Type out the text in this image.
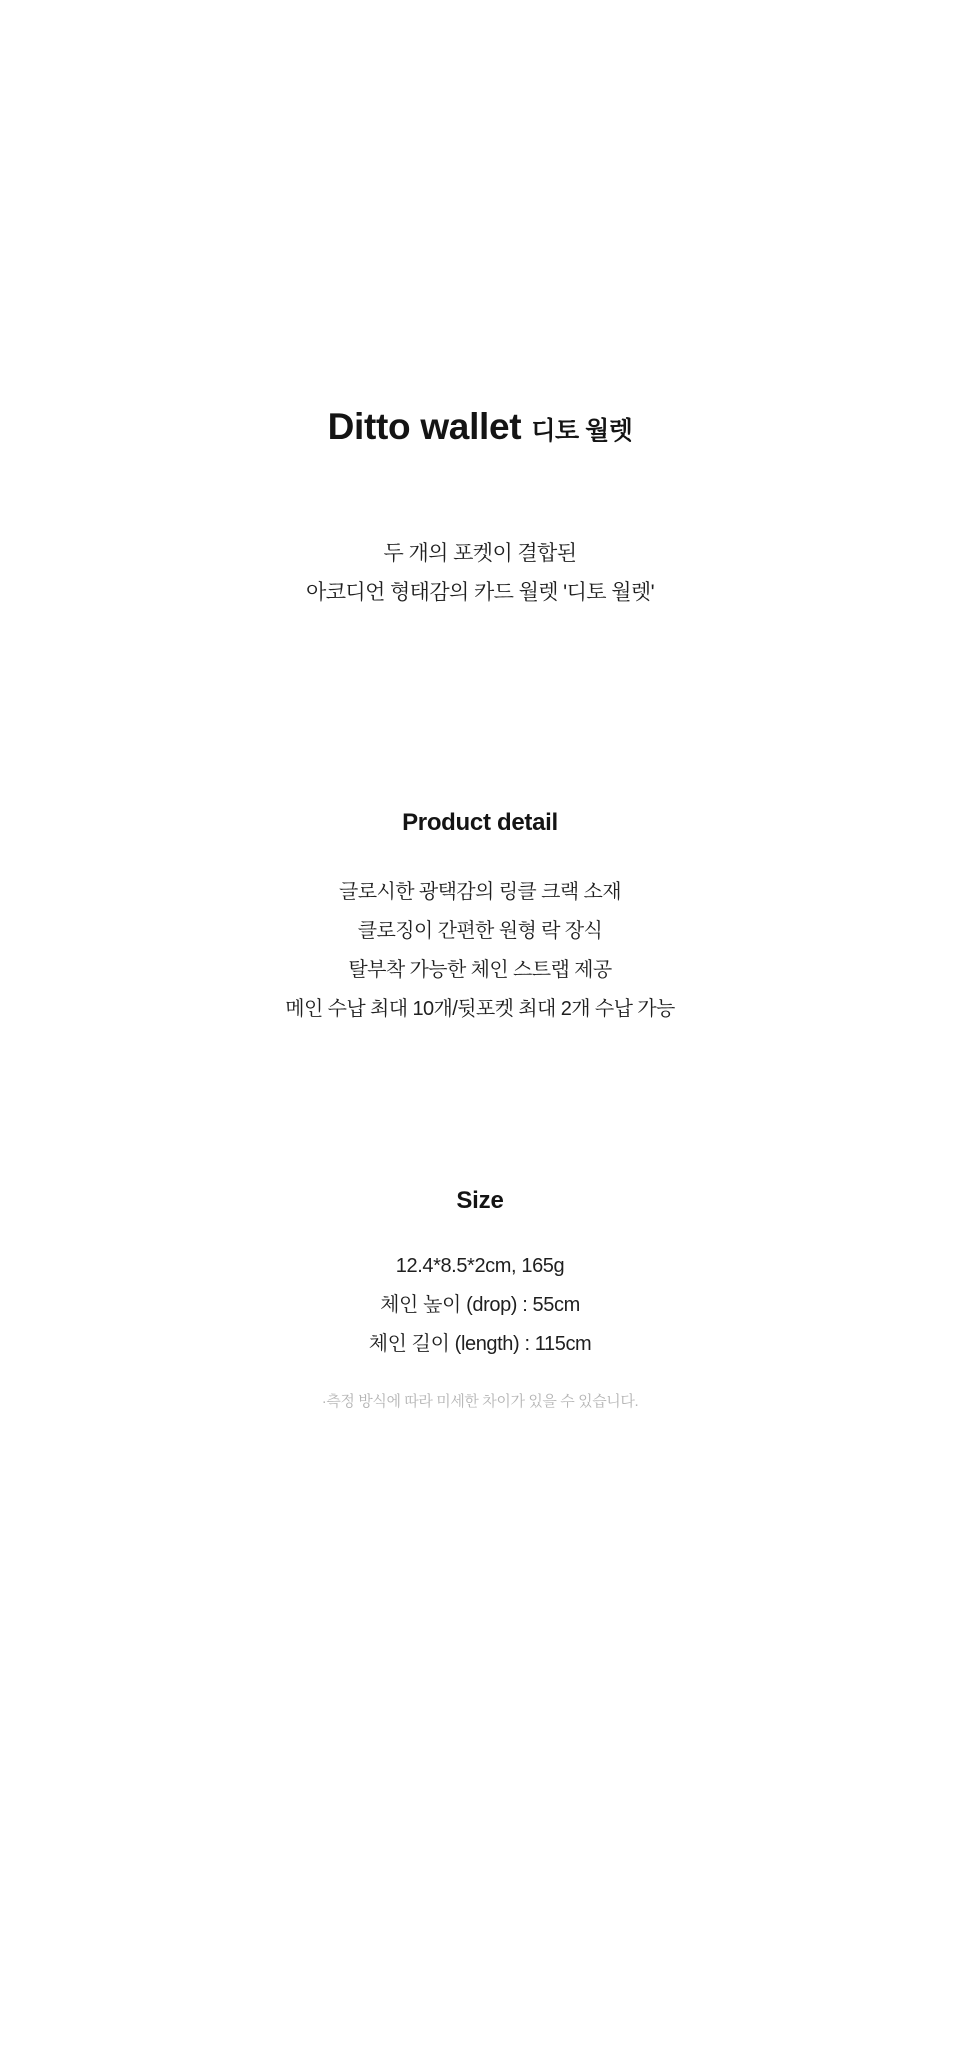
Ditto wallet 디토 월렛
두 개의 포켓이 결합된
아코디언 형태감의 카드 월렛 '디토 월렛'
Product detail
글로시한 광택감의 링클 크랙 소재
클로징이 간편한 원형 락 장식
탈부착 가능한 체인 스트랩 제공
메인 수납 최대 10개/뒷포켓 최대 2개 수납 가능
Size
12.4*8.5*2cm, 165g
체인 높이 (drop) : 55cm
체인 길이 (length) : 115cm
·측정 방식에 따라 미세한 차이가 있을 수 있습니다.
